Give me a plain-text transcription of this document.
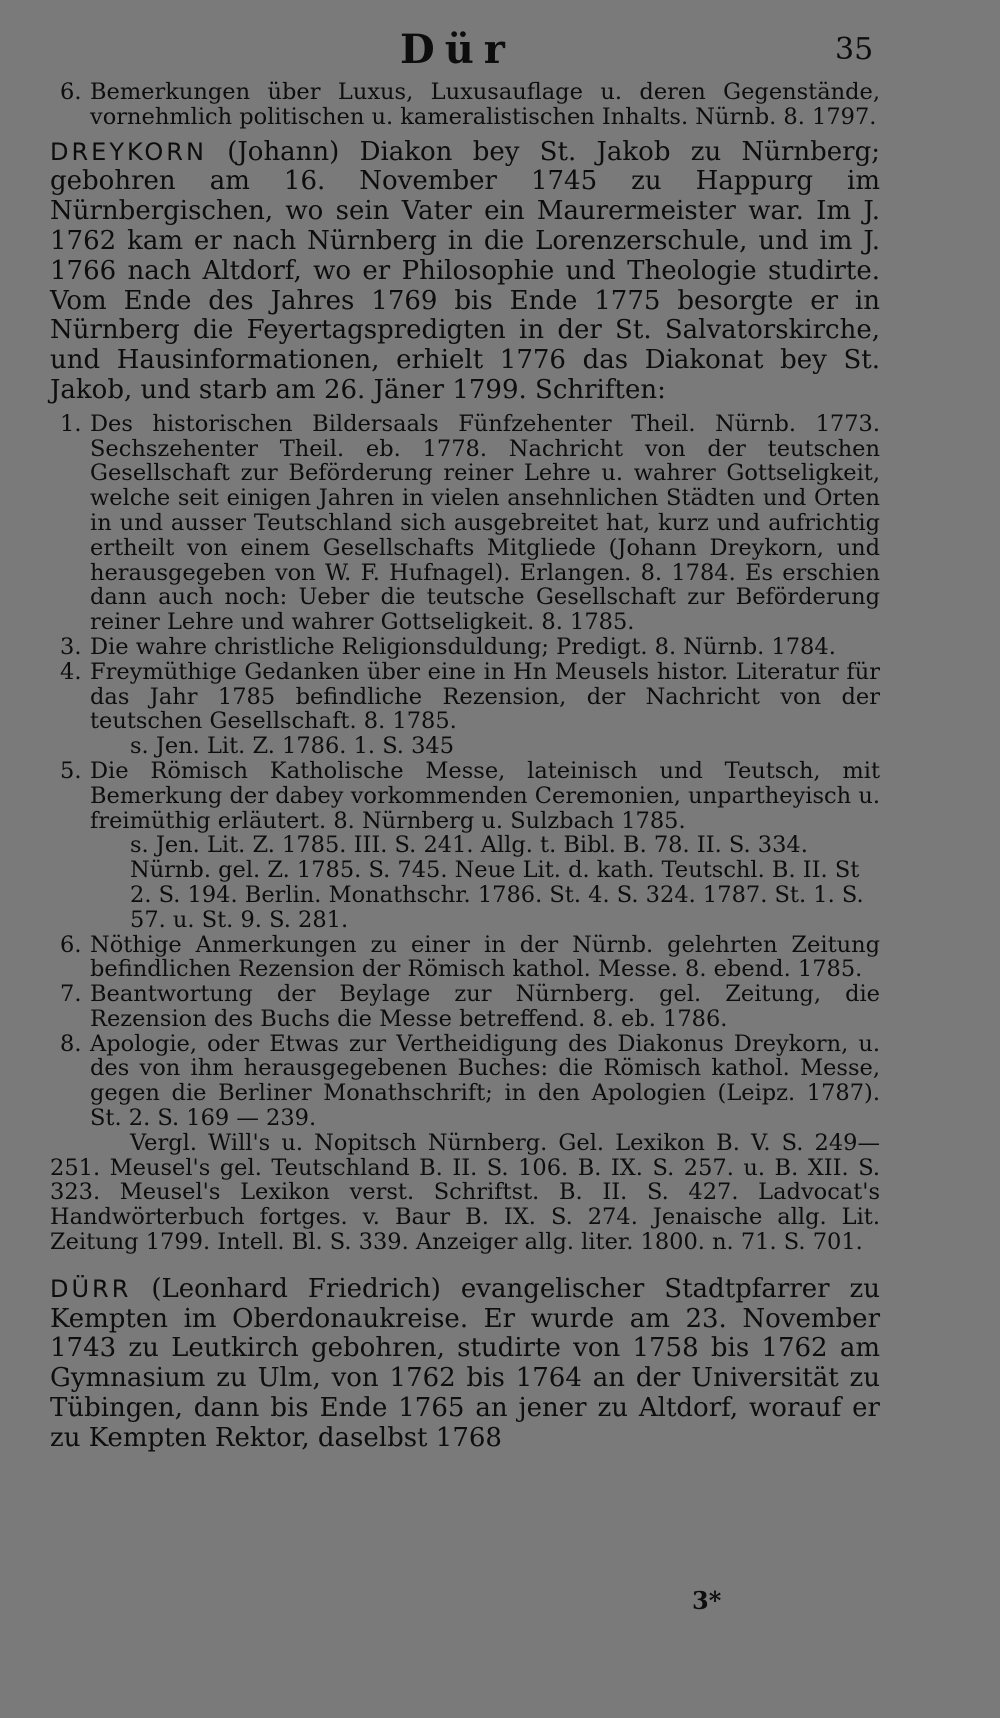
Dür	35
6. Bemerkungen über Luxus, Luxusauflage u. deren Gegenstände, vornehmlich politischen u. kameralistischen Inhalts. Nürnb. 8. 1797.

DREYKORN (Johann) Diakon bey St. Jakob zu Nürnberg; gebohren am 16. November 1745 zu Happurg im Nürnbergischen, wo sein Vater ein Maurermeister war. Im J. 1762 kam er nach Nürnberg in die Lorenzerschule, und im J. 1766 nach Altdorf, wo er Philosophie und Theologie studirte. Vom Ende des Jahres 1769 bis Ende 1775 besorgte er in Nürnberg die Feyertagspredigten in der St. Salvatorskirche, und Hausinformationen, erhielt 1776 das Diakonat bey St. Jakob, und starb am 26. Jäner 1799. Schriften:

1. Des historischen Bildersaals Fünfzehenter Theil. Nürnb. 1773. Sechszehenter Theil. eb. 1778. Nachricht von der teutschen Gesellschaft zur Beförderung reiner Lehre u. wahrer Gottseligkeit, welche seit einigen Jahren in vielen ansehnlichen Städten und Orten in und ausser Teutschland sich ausgebreitet hat, kurz und aufrichtig ertheilt von einem Gesellschafts Mitgliede (Johann Dreykorn, und herausgegeben von W. F. Hufnagel). Erlangen. 8. 1784. Es erschien dann auch noch: Ueber die teutsche Gesellschaft zur Beförderung reiner Lehre und wahrer Gottseligkeit. 8. 1785.
3. Die wahre christliche Religionsduldung; Predigt. 8. Nürnb. 1784.
4. Freymüthige Gedanken über eine in Hn Meusels histor. Literatur für das Jahr 1785 befindliche Rezension, der Nachricht von der teutschen Gesellschaft. 8. 1785.
s. Jen. Lit. Z. 1786. 1. S. 345
5. Die Römisch Katholische Messe, lateinisch und Teutsch, mit Bemerkung der dabey vorkommenden Ceremonien, unpartheyisch u. freimüthig erläutert. 8. Nürnberg u. Sulzbach 1785.
s. Jen. Lit. Z. 1785. III. S. 241. Allg. t. Bibl. B. 78. II. S. 334. Nürnb. gel. Z. 1785. S. 745. Neue Lit. d. kath. Teutschl. B. II. St 2. S. 194. Berlin. Monathschr. 1786. St. 4. S. 324. 1787. St. 1. S. 57. u. St. 9. S. 281.
6. Nöthige Anmerkungen zu einer in der Nürnb. gelehrten Zeitung befindlichen Rezension der Römisch kathol. Messe. 8. ebend. 1785.
7. Beantwortung der Beylage zur Nürnberg. gel. Zeitung, die Rezension des Buchs die Messe betreffend. 8. eb. 1786.
8. Apologie, oder Etwas zur Vertheidigung des Diakonus Dreykorn, u. des von ihm herausgegebenen Buches: die Römisch kathol. Messe, gegen die Berliner Monathschrift; in den Apologien (Leipz. 1787). St. 2. S. 169 — 239.
Vergl. Will's u. Nopitsch Nürnberg. Gel. Lexikon B. V. S. 249—251. Meusel's gel. Teutschland B. II. S. 106. B. IX. S. 257. u. B. XII. S. 323. Meusel's Lexikon verst. Schriftst. B. II. S. 427. Ladvocat's Handwörterbuch fortges. v. Baur B. IX. S. 274. Jenaische allg. Lit. Zeitung 1799. Intell. Bl. S. 339. Anzeiger allg. liter. 1800. n. 71. S. 701.

DÜRR (Leonhard Friedrich) evangelischer Stadtpfarrer zu Kempten im Oberdonaukreise. Er wurde am 23. November 1743 zu Leutkirch gebohren, studirte von 1758 bis 1762 am Gymnasium zu Ulm, von 1762 bis 1764 an der Universität zu Tübingen, dann bis Ende 1765 an jener zu Altdorf, worauf er zu Kempten Rektor, daselbst 1768

3*
